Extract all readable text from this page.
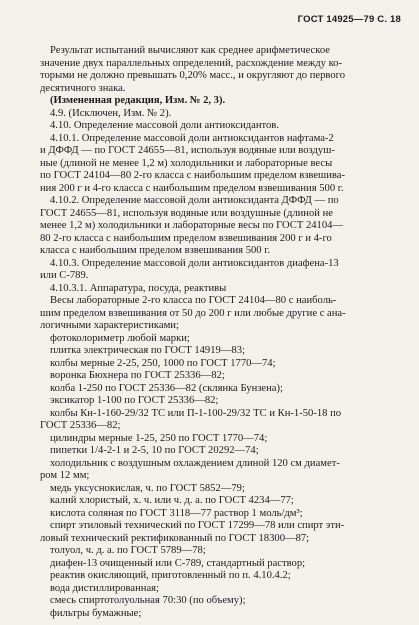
ГОСТ 14925—79 С. 18
Результат испытаний вычисляют как среднее арифметическое
значение двух параллельных определений, расхождение между ко-
торыми не должно превышать 0,20% масс., и округляют до первого
десятичного знака.
(Измененная редакция, Изм. № 2, 3).
4.9. (Исключен, Изм. № 2).
4.10. Определение массовой доли антиоксидантов.
4.10.1. Определение массовой доли антиоксидантов нафтама-2
и ДФФД — по ГОСТ 24655—81, используя водяные или воздуш-
ные (длиной не менее 1,2 м) холодильники и лабораторные весы
по ГОСТ 24104—80 2-го класса с наибольшим пределом взвешива-
ния 200 г и 4-го класса с наибольшим пределом взвешивания 500 г.
4.10.2. Определение массовой доли антиоксиданта ДФФД — по
ГОСТ 24655—81, используя водяные или воздушные (длиной не
менее 1,2 м) холодильники и лабораторные весы по ГОСТ 24104—
80 2-го класса с наибольшим пределом взвешивания 200 г и 4-го
класса с наибольшим пределом взвешивания 500 г.
4.10.3. Определение массовой доли антиоксидантов диафена-13
или С-789.
4.10.3.1. Аппаратура, посуда, реактивы
Весы лабораторные 2-го класса по ГОСТ 24104—80 с наиболь-
шим пределом взвешивания от 50 до 200 г или любые другие с ана-
логичными характеристиками;
фотоколориметр любой марки;
плитка электрическая по ГОСТ 14919—83;
колбы мерные 2-25, 250, 1000 по ГОСТ 1770—74;
воронка Бюхнера по ГОСТ 25336—82;
колба 1-250 по ГОСТ 25336—82 (склянка Бунзена);
эксикатор 1-100 по ГОСТ 25336—82;
колбы Кн-1-160-29/32 ТС или П-1-100-29/32 ТС и Кн-1-50-18 по
ГОСТ 25336—82;
цилиндры мерные 1-25, 250 по ГОСТ 1770—74;
пипетки 1/4-2-1 и 2-5, 10 по ГОСТ 20292—74;
холодильник с воздушным охлаждением длиной 120 см диамет-
ром 12 мм;
медь уксуснокислая, ч. по ГОСТ 5852—79;
калий хлористый, х. ч. или ч. д. а. по ГОСТ 4234—77;
кислота соляная по ГОСТ 3118—77 раствор 1 моль/дм³;
спирт этиловый технический по ГОСТ 17299—78 или спирт эти-
ловый технический ректификованный по ГОСТ 18300—87;
толуол, ч. д. а. по ГОСТ 5789—78;
диафен-13 очищенный или С-789, стандартный раствор;
реактив окисляющий, приготовленный по п. 4.10.4.2;
вода дистиллированная;
смесь спиртотолуольная 70:30 (по объему);
фильтры бумажные;
